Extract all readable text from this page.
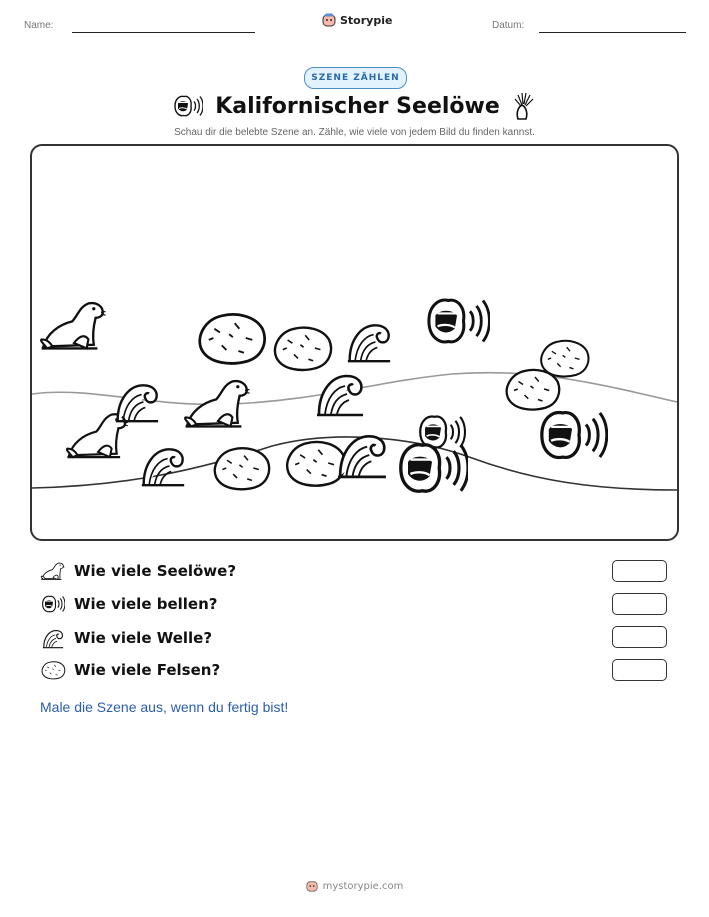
Name:	Storypie	Datum:
SZENE ZÄHLEN
Kalifornischer Seelöwe
Schau dir die belebte Szene an. Zähle, wie viele von jedem Bild du finden kannst.
Wie viele Seelöwe?
Wie viele bellen?
Wie viele Welle?
Wie viele Felsen?
Male die Szene aus, wenn du fertig bist!
mystorypie.com
